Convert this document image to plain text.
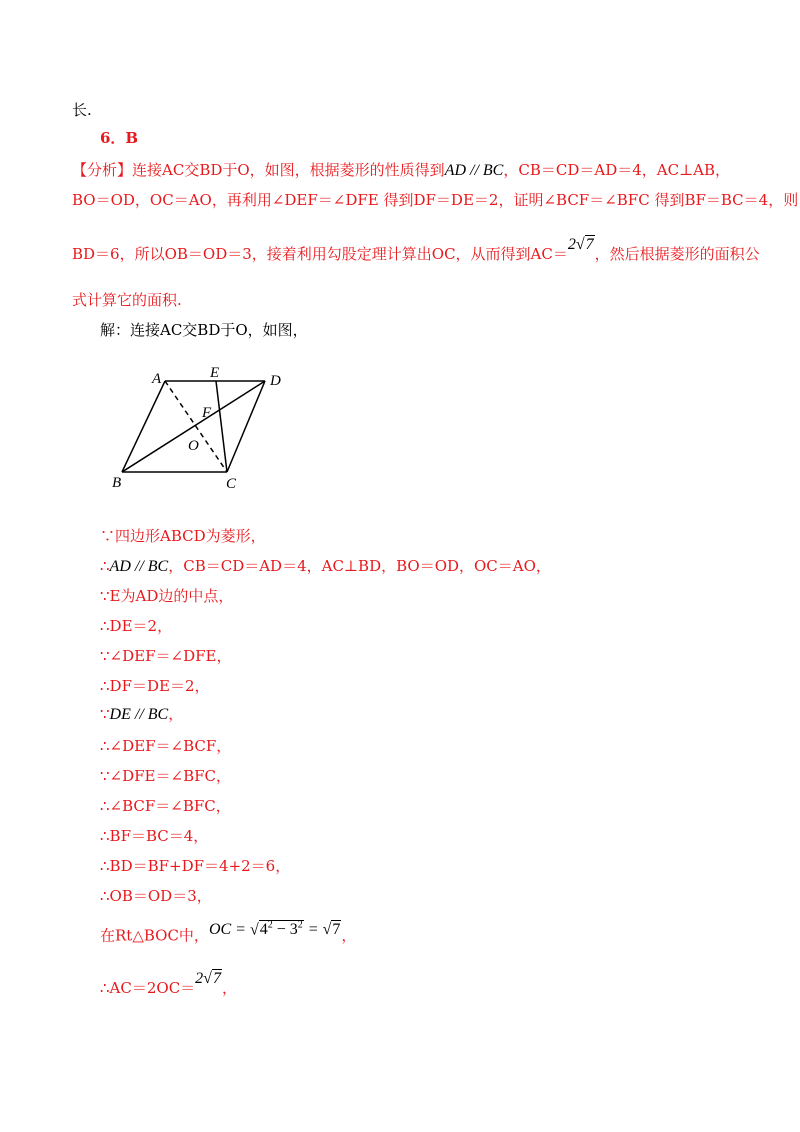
长.
6．B
【分析】连接AC交BD于O，如图，根据菱形的性质得到AD // BC，CB＝CD＝AD＝4，AC⊥AB，
BO＝OD，OC＝AO，再利用∠DEF＝∠DFE 得到DF＝DE＝2，证明∠BCF＝∠BFC 得到BF＝BC＝4，则
BD＝6，所以OB＝OD＝3，接着利用勾股定理计算出OC，从而得到AC＝2√7，然后根据菱形的面积公
式计算它的面积.
解：连接AC交BD于O，如图，
A	E	D
F
O
B	C
∵四边形ABCD为菱形，
∴AD // BC，CB＝CD＝AD＝4，AC⊥BD，BO＝OD，OC＝AO，
∵E为AD边的中点，
∴DE＝2，
∵∠DEF＝∠DFE，
∴DF＝DE＝2，
∵DE // BC，
∴∠DEF＝∠BCF，
∵∠DFE＝∠BFC，
∴∠BCF＝∠BFC，
∴BF＝BC＝4，
∴BD＝BF+DF＝4+2＝6，
∴OB＝OD＝3，
在Rt△BOC中，OC = $√4^2 - 3^2 = √7$，
∴AC＝2OC＝2√7，
